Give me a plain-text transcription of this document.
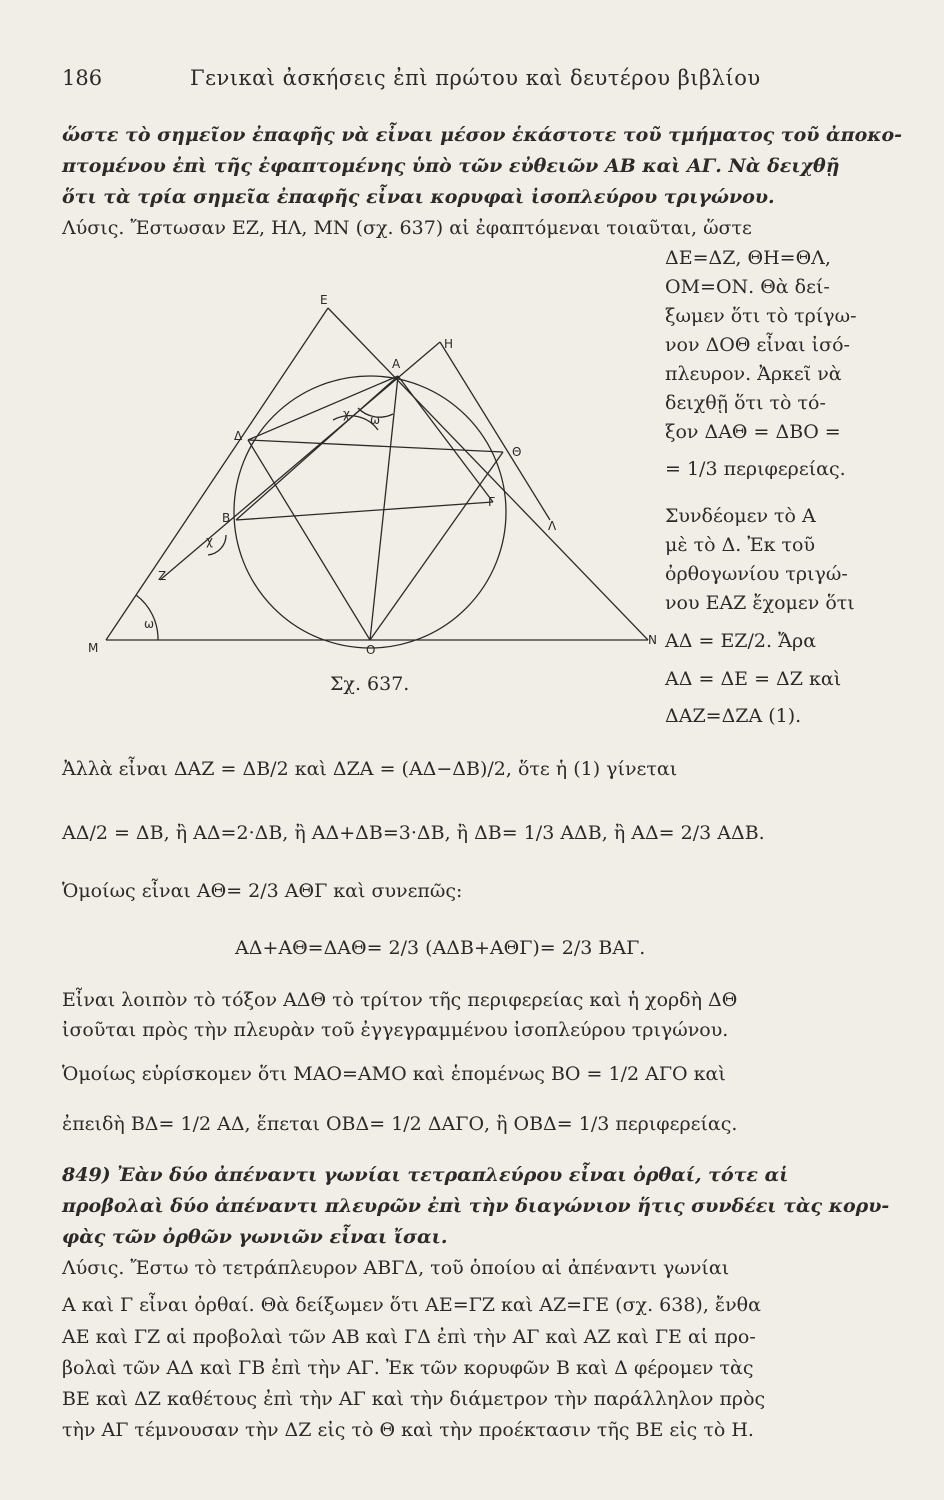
186	Γενικαὶ ἀσκήσεις ἐπὶ πρώτου καὶ δευτέρου βιβλίου
ὥστε τὸ σημεῖον ἐπαφῆς νὰ εἶναι μέσον ἑκάστοτε τοῦ τμήματος τοῦ ἀποκο-
πτομένου ἐπὶ τῆς ἐφαπτομένης ὑπὸ τῶν εὐθειῶν ΑΒ καὶ ΑΓ. Νὰ δειχθῇ
ὅτι τὰ τρία σημεῖα ἐπαφῆς εἶναι κορυφαὶ ἰσοπλεύρου τριγώνου.
Λύσις. Ἔστωσαν ΕΖ, ΗΛ, ΜΝ (σχ. 637) αἱ ἐφαπτόμεναι τοιαῦται, ὥστε
ΔΕ=ΔΖ, ΘΗ=ΘΛ,
ΟΜ=ΟΝ. Θὰ δεί-
ξωμεν ὅτι τὸ τρίγω-
νον ΔΟΘ εἶναι ἰσό-
πλευρον. Ἀρκεῖ νὰ
δειχθῇ ὅτι τὸ τό-
ξον ΔΑΘ = ΔΒΟ =
= 1/3 περιφερείας.
Συνδέομεν τὸ Α
μὲ τὸ Δ. Ἐκ τοῦ
ὀρθογωνίου τριγώ-
νου ΕΑΖ ἔχομεν ὅτι
ΑΔ = ΕΖ/2. Ἄρα
ΑΔ = ΔΕ = ΔΖ καὶ
ΔΑΖ=ΔΖΑ (1).
Ε
Η
Α
Δ
Θ
Β
Γ
Λ
Ζ
Μ	Ο
Ν
χ ω
χ
ω
Σχ. 637.
Ἀλλὰ εἶναι ΔΑΖ = ΔΒ/2 καὶ ΔΖΑ = (ΑΔ−ΔΒ)/2, ὅτε ἡ (1) γίνεται
ΑΔ/2 = ΔΒ, ἢ ΑΔ=2·ΔΒ, ἢ ΑΔ+ΔΒ=3·ΔΒ, ἢ ΔΒ= 1/3 ΑΔΒ, ἢ ΑΔ= 2/3 ΑΔΒ.
Ὁμοίως εἶναι ΑΘ= 2/3 ΑΘΓ καὶ συνεπῶς:
ΑΔ+ΑΘ=ΔΑΘ= 2/3 (ΑΔΒ+ΑΘΓ)= 2/3 ΒΑΓ.
Εἶναι λοιπὸν τὸ τόξον ΑΔΘ τὸ τρίτον τῆς περιφερείας καὶ ἡ χορδὴ ΔΘ
ἰσοῦται πρὸς τὴν πλευρὰν τοῦ ἐγγεγραμμένου ἰσοπλεύρου τριγώνου.
Ὁμοίως εὑρίσκομεν ὅτι ΜΑΟ=ΑΜΟ καὶ ἑπομένως ΒΟ = 1/2 ΑΓΟ καὶ
ἐπειδὴ ΒΔ= 1/2 ΑΔ, ἕπεται ΟΒΔ= 1/2 ΔΑΓΟ, ἢ ΟΒΔ= 1/3 περιφερείας.
849) Ἐὰν δύο ἀπέναντι γωνίαι τετραπλεύρου εἶναι ὀρθαί, τότε αἱ
προβολαὶ δύο ἀπέναντι πλευρῶν ἐπὶ τὴν διαγώνιον ἥτις συνδέει τὰς κορυ-
φὰς τῶν ὀρθῶν γωνιῶν εἶναι ἴσαι.
Λύσις. Ἔστω τὸ τετράπλευρον ΑΒΓΔ, τοῦ ὁποίου αἱ ἀπέναντι γωνίαι
Α καὶ Γ εἶναι ὀρθαί. Θὰ δείξωμεν ὅτι ΑΕ=ΓΖ καὶ ΑΖ=ΓΕ (σχ. 638), ἔνθα
ΑΕ καὶ ΓΖ αἱ προβολαὶ τῶν ΑΒ καὶ ΓΔ ἐπὶ τὴν ΑΓ καὶ ΑΖ καὶ ΓΕ αἱ προ-
βολαὶ τῶν ΑΔ καὶ ΓΒ ἐπὶ τὴν ΑΓ. Ἐκ τῶν κορυφῶν Β καὶ Δ φέρομεν τὰς
ΒΕ καὶ ΔΖ καθέτους ἐπὶ τὴν ΑΓ καὶ τὴν διάμετρον τὴν παράλληλον πρὸς
τὴν ΑΓ τέμνουσαν τὴν ΔΖ εἰς τὸ Θ καὶ τὴν προέκτασιν τῆς ΒΕ εἰς τὸ Η.
